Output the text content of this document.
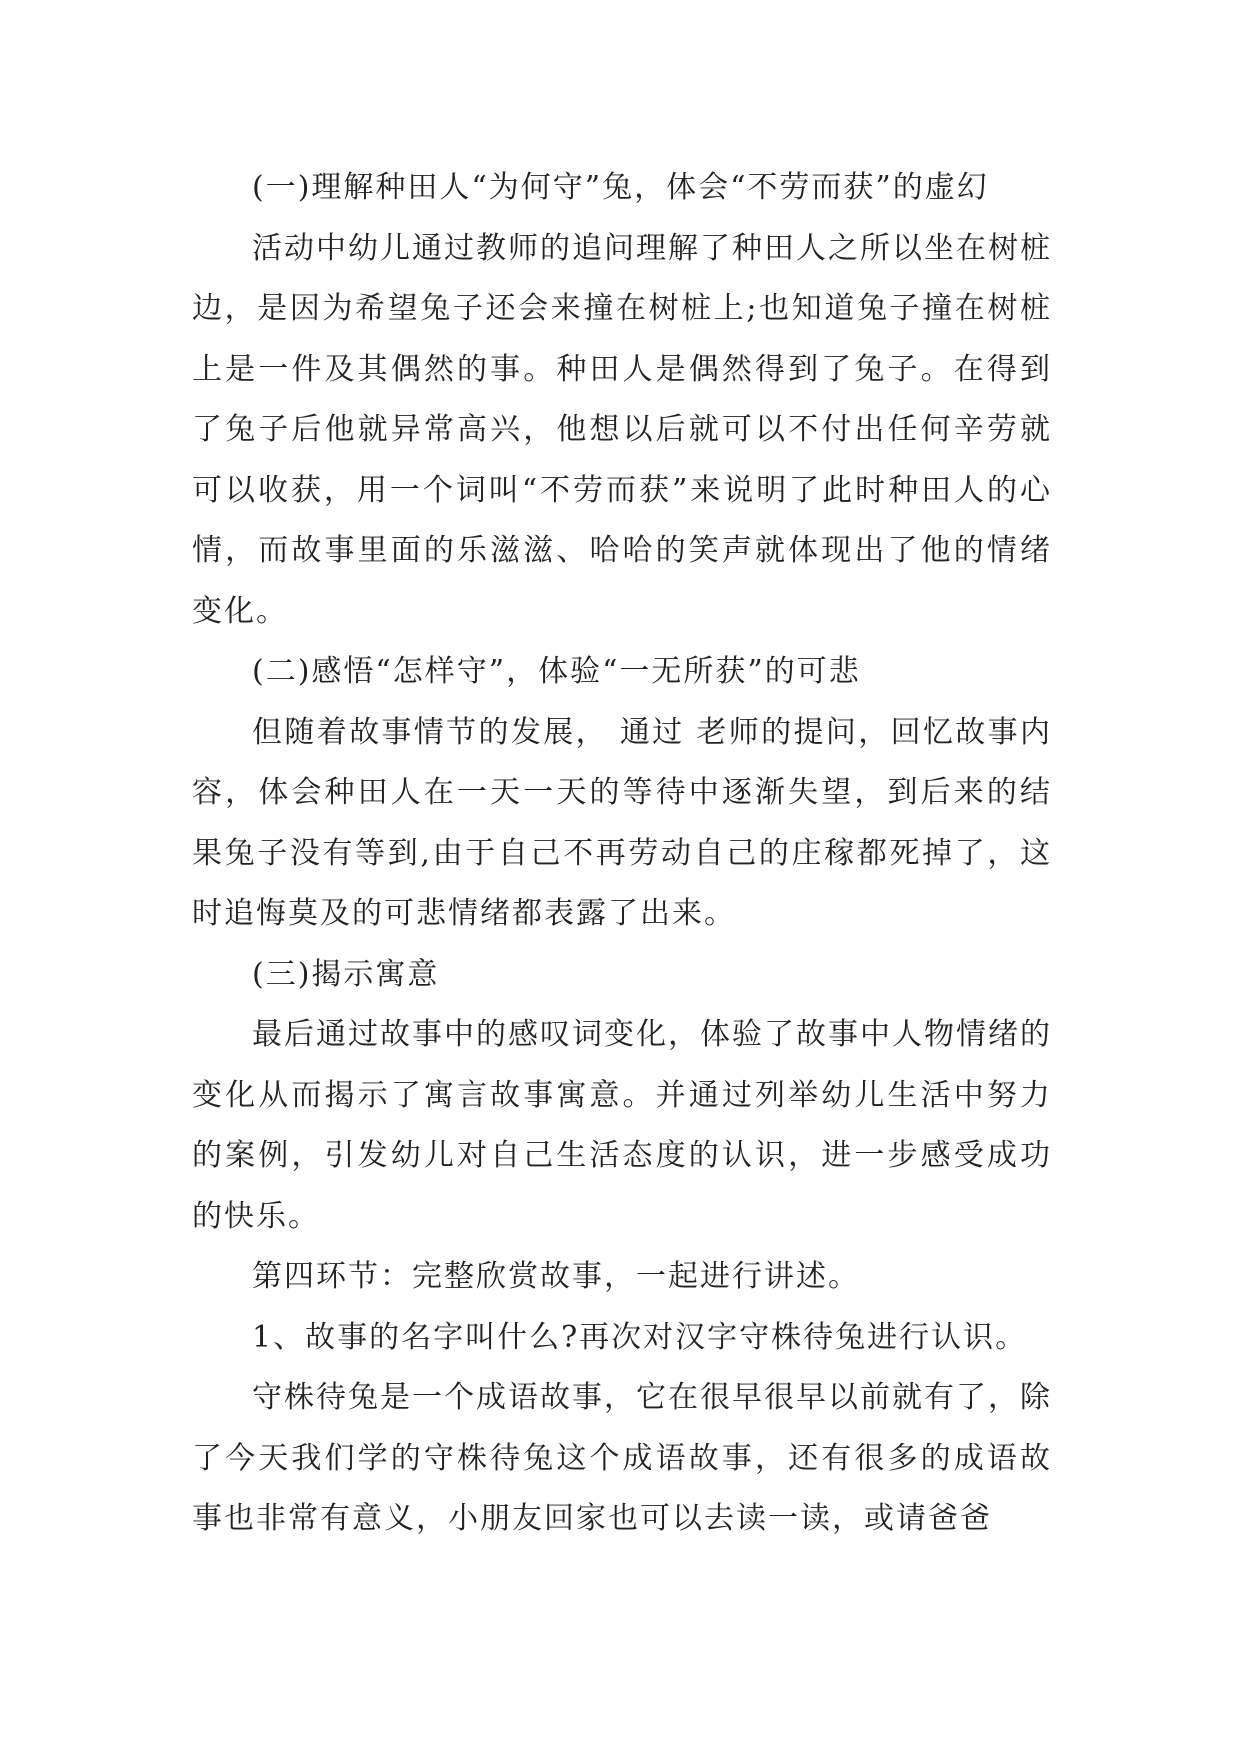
(一)理解种田人“为何守”兔，体会“不劳而获”的虚幻

活动中幼儿通过教师的追问理解了种田人之所以坐在树桩边，是因为希望兔子还会来撞在树桩上;也知道兔子撞在树桩上是一件及其偶然的事。种田人是偶然得到了兔子。在得到了兔子后他就异常高兴，他想以后就可以不付出任何辛劳就可以收获，用一个词叫“不劳而获”来说明了此时种田人的心情，而故事里面的乐滋滋、哈哈的笑声就体现出了他的情绪变化。

(二)感悟“怎样守”，体验“一无所获”的可悲

但随着故事情节的发展， 通过 老师的提问，回忆故事内容，体会种田人在一天一天的等待中逐渐失望，到后来的结果兔子没有等到,由于自己不再劳动自己的庄稼都死掉了，这时追悔莫及的可悲情绪都表露了出来。

(三)揭示寓意

最后通过故事中的感叹词变化，体验了故事中人物情绪的变化从而揭示了寓言故事寓意。并通过列举幼儿生活中努力的案例，引发幼儿对自己生活态度的认识，进一步感受成功的快乐。

第四环节：完整欣赏故事，一起进行讲述。

1、故事的名字叫什么?再次对汉字守株待兔进行认识。

守株待兔是一个成语故事，它在很早很早以前就有了，除了今天我们学的守株待兔这个成语故事，还有很多的成语故事也非常有意义，小朋友回家也可以去读一读，或请爸爸
